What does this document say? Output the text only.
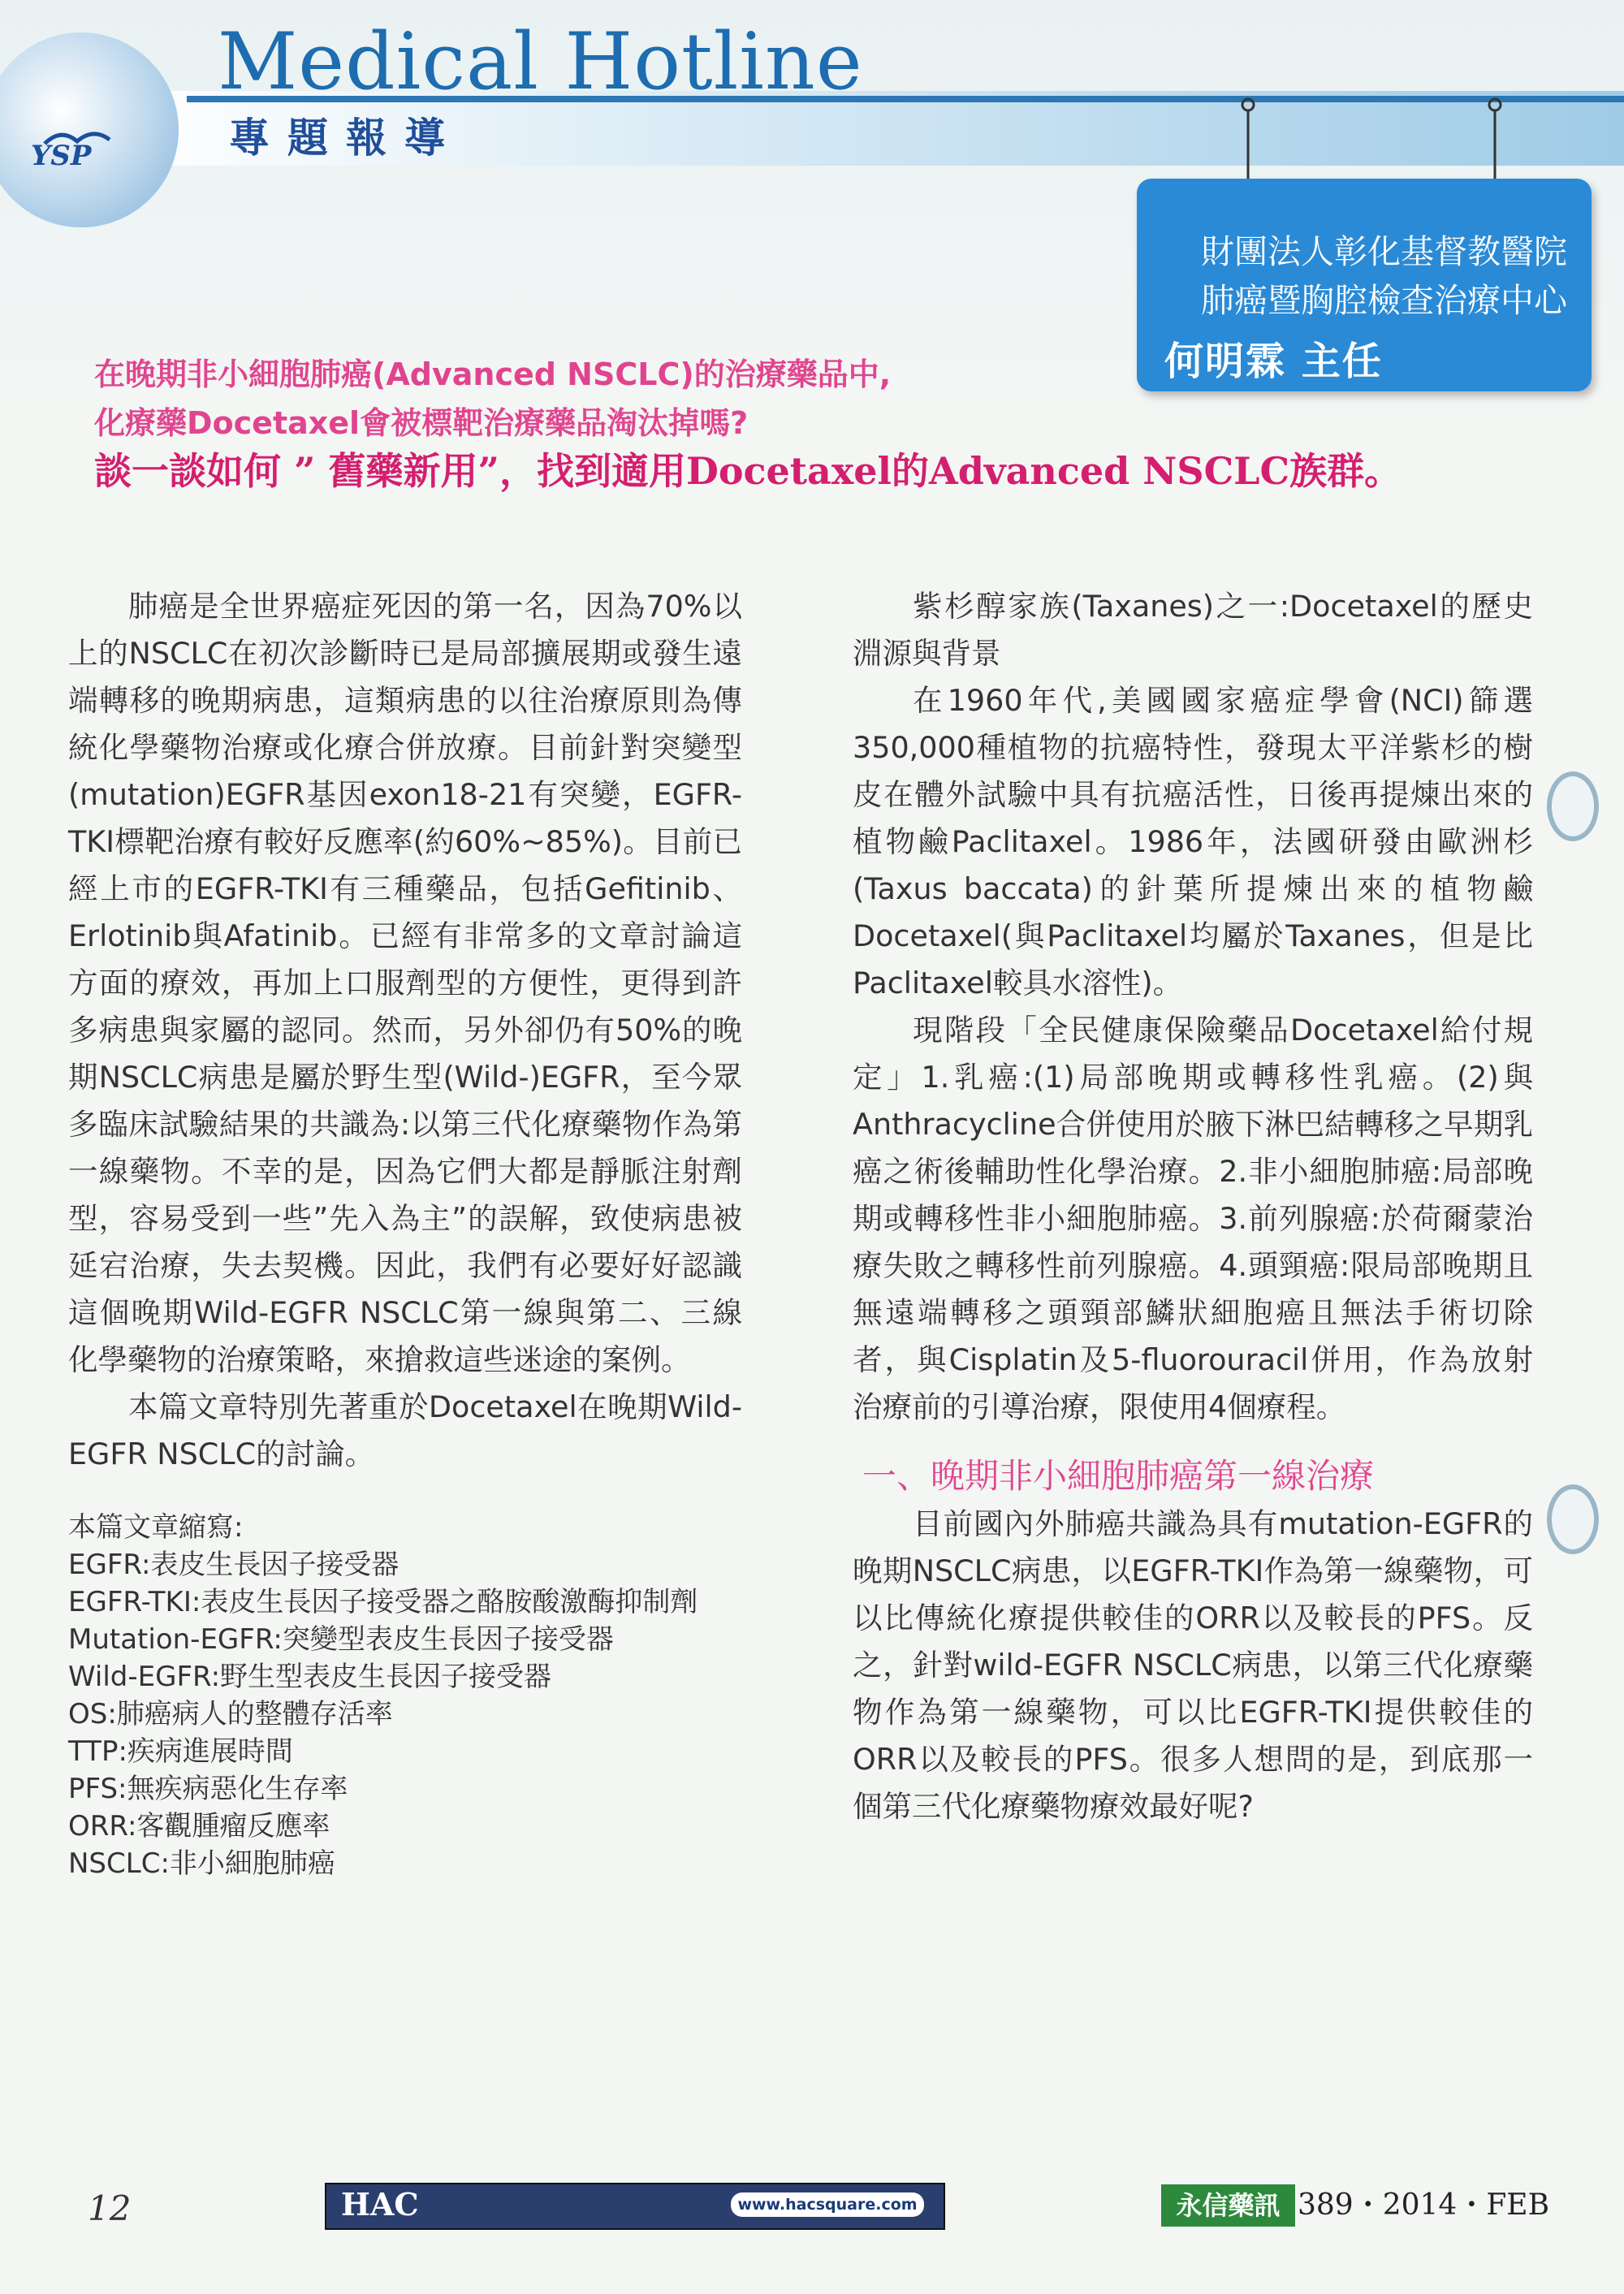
YSP
Medical Hotline
專題報導
財團法人彰化基督教醫院
肺癌暨胸腔檢查治療中心
何明霖 主任
在晚期非小細胞肺癌(Advanced NSCLC)的治療藥品中,
化療藥Docetaxel會被標靶治療藥品淘汰掉嗎?
談一談如何 ” 舊藥新用”，找到適用Docetaxel的Advanced NSCLC族群。

肺癌是全世界癌症死因的第一名，因為70%以上的NSCLC在初次診斷時已是局部擴展期或發生遠端轉移的晚期病患，這類病患的以往治療原則為傳統化學藥物治療或化療合併放療。目前針對突變型(mutation)EGFR基因exon18-21有突變，EGFR-TKI標靶治療有較好反應率(約60%~85%)。目前已經上市的EGFR-TKI有三種藥品，包括Gefitinib、Erlotinib與Afatinib。已經有非常多的文章討論這方面的療效，再加上口服劑型的方便性，更得到許多病患與家屬的認同。然而，另外卻仍有50%的晚期NSCLC病患是屬於野生型(Wild-)EGFR，至今眾多臨床試驗結果的共識為:以第三代化療藥物作為第一線藥物。不幸的是，因為它們大都是靜脈注射劑型，容易受到一些”先入為主”的誤解，致使病患被延宕治療，失去契機。因此，我們有必要好好認識這個晚期Wild-EGFR NSCLC第一線與第二、三線化學藥物的治療策略，來搶救這些迷途的案例。

本篇文章特別先著重於Docetaxel在晚期Wild-EGFR NSCLC的討論。

本篇文章縮寫:

EGFR:表皮生長因子接受器

EGFR-TKI:表皮生長因子接受器之酪胺酸激酶抑制劑

Mutation-EGFR:突變型表皮生長因子接受器

Wild-EGFR:野生型表皮生長因子接受器

OS:肺癌病人的整體存活率

TTP:疾病進展時間

PFS:無疾病惡化生存率

ORR:客觀腫瘤反應率

NSCLC:非小細胞肺癌

紫杉醇家族(Taxanes)之一:Docetaxel的歷史淵源與背景

在1960年代,美國國家癌症學會(NCI)篩選350,000種植物的抗癌特性，發現太平洋紫杉的樹皮在體外試驗中具有抗癌活性，日後再提煉出來的植物鹼Paclitaxel。1986年，法國研發由歐洲杉(Taxus baccata)的針葉所提煉出來的植物鹼Docetaxel(與Paclitaxel均屬於Taxanes，但是比Paclitaxel較具水溶性)。

現階段「全民健康保險藥品Docetaxel給付規定」1.乳癌:(1)局部晚期或轉移性乳癌。(2)與Anthracycline合併使用於腋下淋巴結轉移之早期乳癌之術後輔助性化學治療。2.非小細胞肺癌:局部晚期或轉移性非小細胞肺癌。3.前列腺癌:於荷爾蒙治療失敗之轉移性前列腺癌。4.頭頸癌:限局部晚期且無遠端轉移之頭頸部鱗狀細胞癌且無法手術切除者，與Cisplatin及5-fluorouracil併用，作為放射治療前的引導治療，限使用4個療程。

一、晚期非小細胞肺癌第一線治療

目前國內外肺癌共識為具有mutation-EGFR的晚期NSCLC病患，以EGFR-TKI作為第一線藥物，可以比傳統化療提供較佳的ORR以及較長的PFS。反之，針對wild-EGFR NSCLC病患，以第三代化療藥物作為第一線藥物，可以比EGFR-TKI提供較佳的ORR以及較長的PFS。很多人想問的是，到底那一個第三代化療藥物療效最好呢?

12	HAC	www.hacsquare.com	永信藥訊 389・2014・FEB
